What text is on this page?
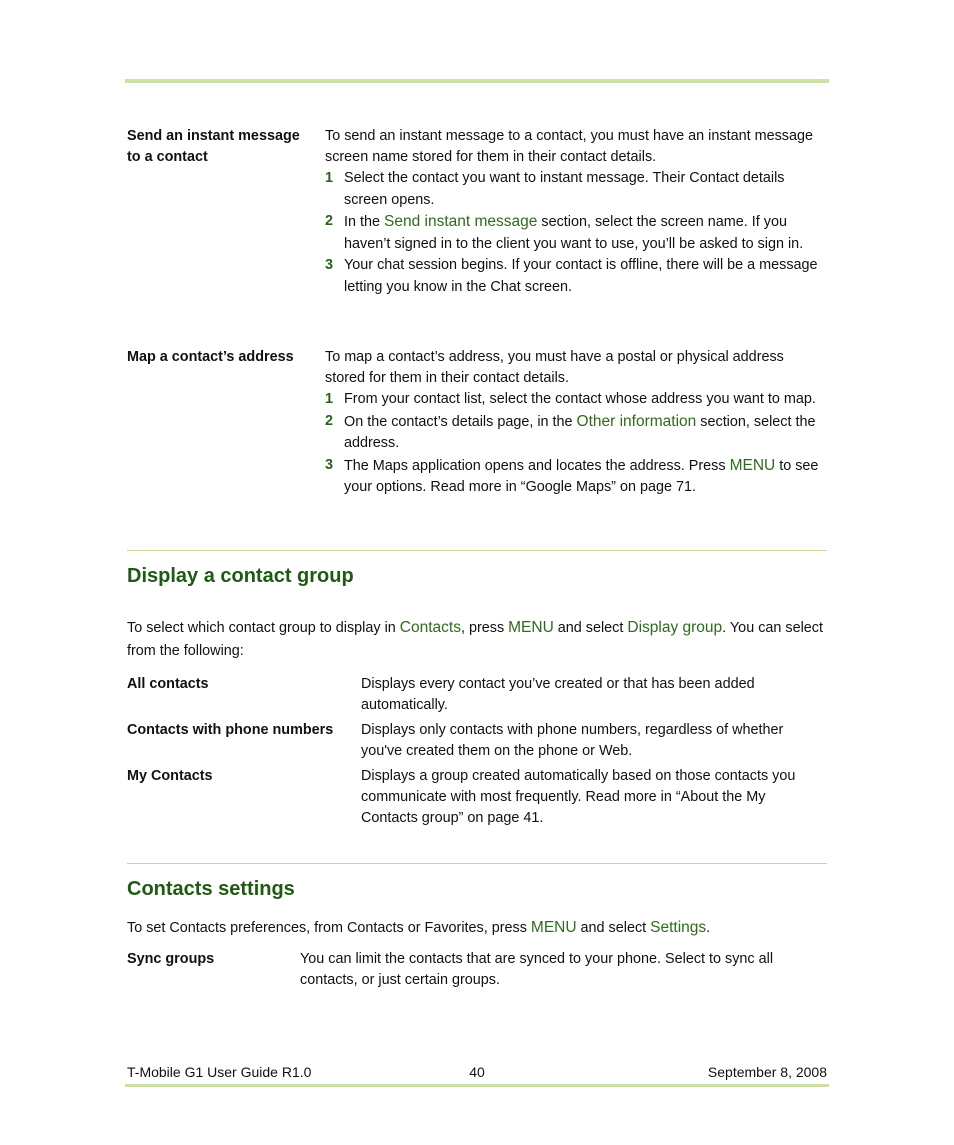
Send an instant message to a contact
To send an instant message to a contact, you must have an instant message screen name stored for them in their contact details.
1 Select the contact you want to instant message. Their Contact details screen opens.
2 In the Send instant message section, select the screen name. If you haven’t signed in to the client you want to use, you’ll be asked to sign in.
3 Your chat session begins. If your contact is offline, there will be a message letting you know in the Chat screen.
Map a contact’s address	To map a contact’s address, you must have a postal or physical address stored for them in their contact details.
1 From your contact list, select the contact whose address you want to map.
2 On the contact’s details page, in the Other information section, select the address.
3 The Maps application opens and locates the address. Press MENU to see your options. Read more in “Google Maps” on page 71.
Display a contact group
To select which contact group to display in Contacts, press MENU and select Display group. You can select from the following:
All contacts	Displays every contact you’ve created or that has been added automatically.
Contacts with phone numbers	Displays only contacts with phone numbers, regardless of whether you've created them on the phone or Web.
My Contacts	Displays a group created automatically based on those contacts you communicate with most frequently. Read more in “About the My Contacts group” on page 41.
Contacts settings
To set Contacts preferences, from Contacts or Favorites, press MENU and select Settings.
Sync groups	You can limit the contacts that are synced to your phone. Select to sync all contacts, or just certain groups.
T-Mobile G1 User Guide R1.0	40	September 8, 2008
